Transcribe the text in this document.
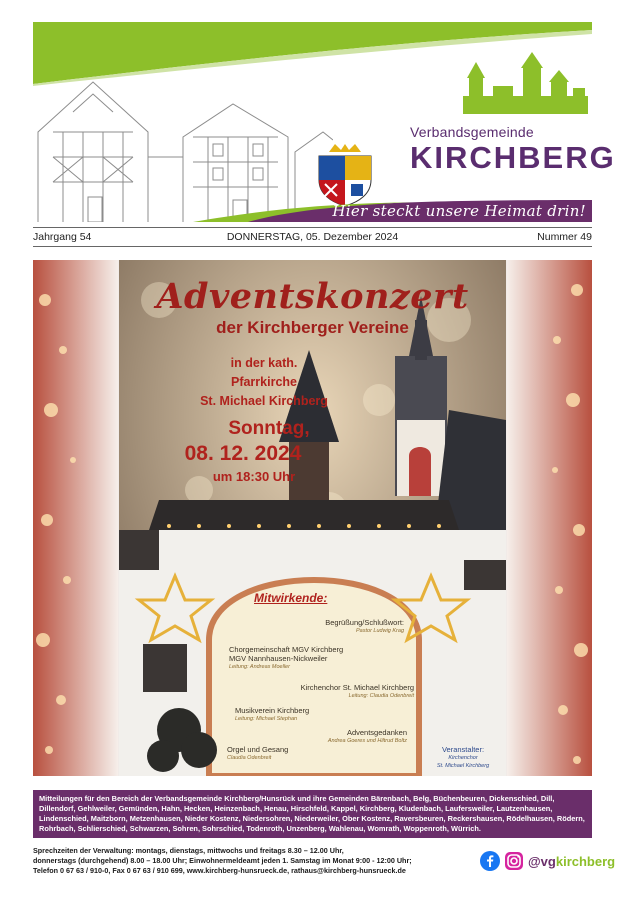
Verbandsgemeinde
KIRCHBERG
Hier steckt unsere Heimat drin!
Jahrgang 54	DONNERSTAG, 05. Dezember 2024	Nummer 49
Adventskonzert
der Kirchberger Vereine
in der kath.
Pfarrkirche
St. Michael Kirchberg
Sonntag,
08. 12. 2024
um 18:30 Uhr
Mitwirkende:
Begrüßung/Schlußwort:
Pastor Ludwig Krag
Chorgemeinschaft MGV Kirchberg
MGV Nannhausen-Nickweiler
Leitung: Andreas Moeller
Kirchenchor St. Michael Kirchberg
Leitung: Claudia Odenbreit
Musikverein Kirchberg
Leitung: Michael Stephan
Adventsgedanken
Andrea Goeres und Hiltrud Boltz
Orgel und Gesang
Claudia Odenbreit
Veranstalter:
Kirchenchor
St. Michael Kirchberg
Mitteilungen für den Bereich der Verbandsgemeinde Kirchberg/Hunsrück und ihre Gemeinden Bärenbach, Belg, Büchenbeuren, Dickenschied, Dill, Dillendorf, Gehlweiler, Gemünden, Hahn, Hecken, Heinzenbach, Henau, Hirschfeld, Kappel, Kirchberg, Kludenbach, Laufersweiler, Lautzenhausen, Lindenschied, Maitzborn, Metzenhausen, Nieder Kostenz, Niedersohren, Niederweiler, Ober Kostenz, Raversbeuren, Reckershausen, Rödelhausen, Rödern, Rohrbach, Schlierschied, Schwarzen, Sohren, Sohrschied, Todenroth, Unzenberg, Wahlenau, Womrath, Woppenroth, Würrich.
Sprechzeiten der Verwaltung: montags, dienstags, mittwochs und freitags 8.30 – 12.00 Uhr,
donnerstags (durchgehend) 8.00 – 18.00 Uhr; Einwohnermeldeamt jeden 1. Samstag im Monat 9:00 - 12:00 Uhr;
Telefon 0 67 63 / 910-0, Fax 0 67 63 / 910 699, www.kirchberg-hunsrueck.de, rathaus@kirchberg-hunsrueck.de
@vgkirchberg
